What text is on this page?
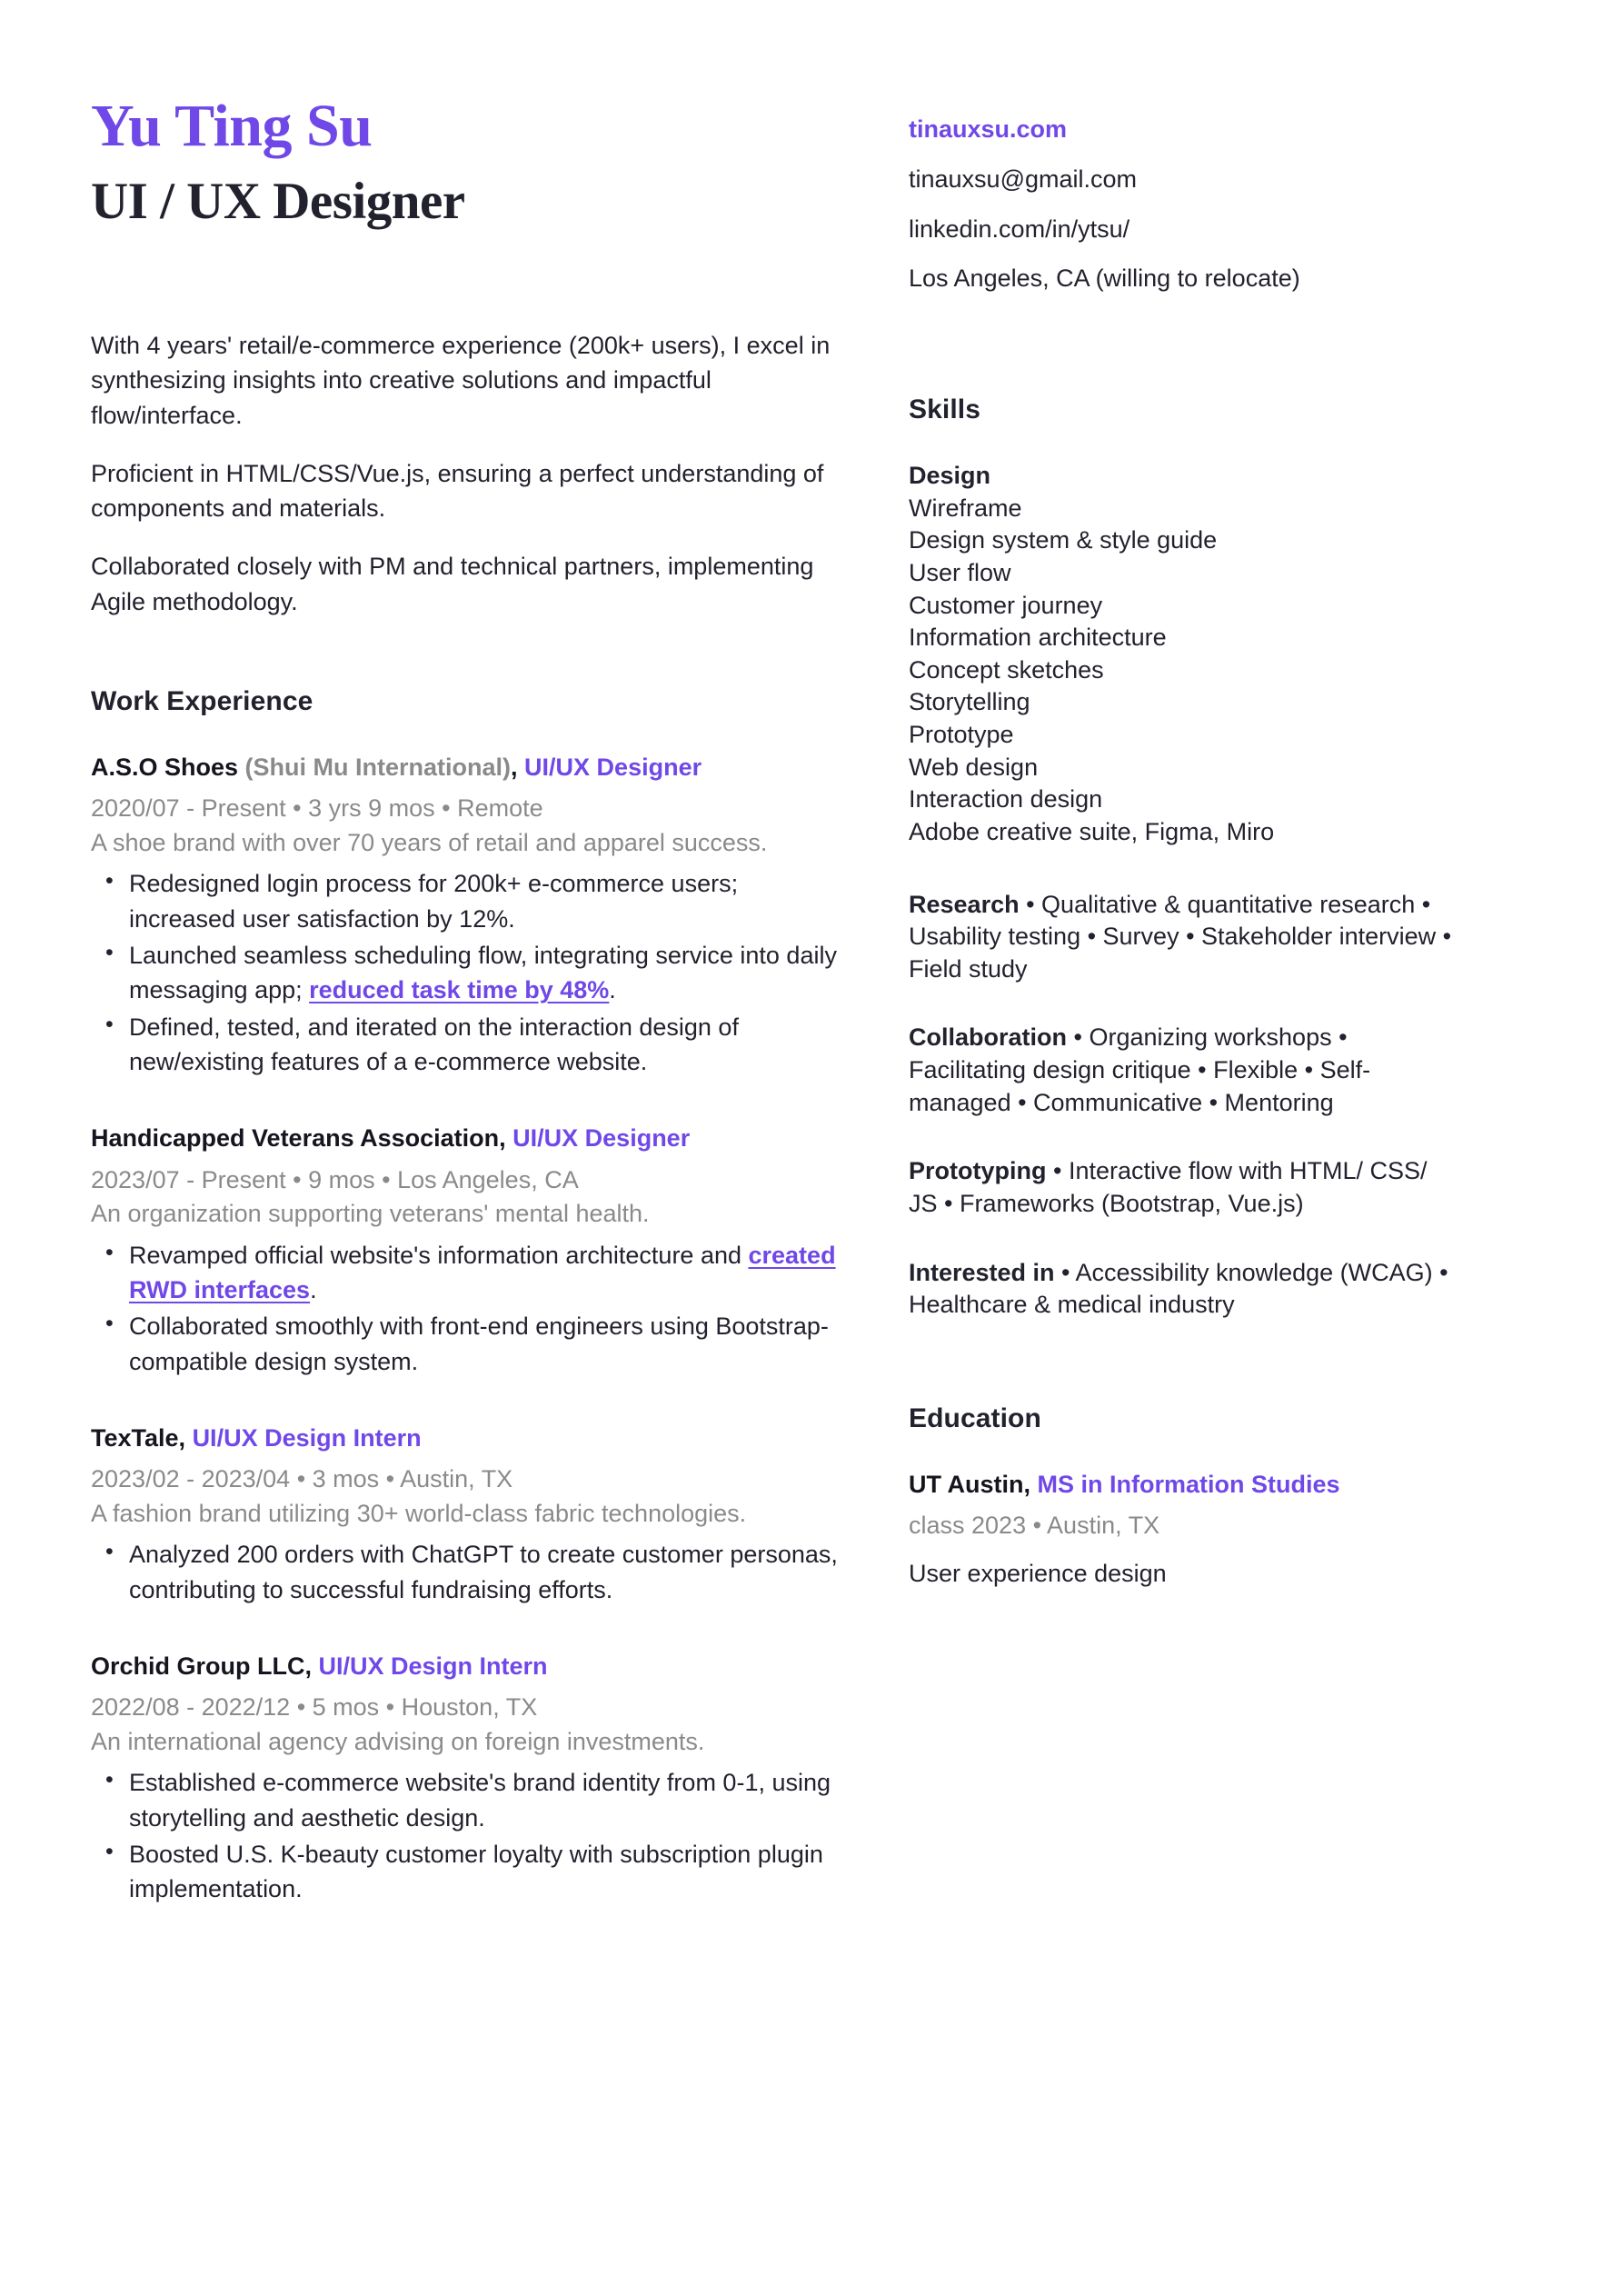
Yu Ting Su
UI / UX Designer

With 4 years' retail/e-commerce experience (200k+ users), I excel in synthesizing insights into creative solutions and impactful flow/interface.

Proficient in HTML/CSS/Vue.js, ensuring a perfect understanding of components and materials.

Collaborated closely with PM and technical partners, implementing Agile methodology.

Work Experience

A.S.O Shoes (Shui Mu International), UI/UX Designer

2020/07 - Present • 3 yrs 9 mos • Remote

A shoe brand with over 70 years of retail and apparel success.

• Redesigned login process for 200k+ e-commerce users; increased user satisfaction by 12%.
• Launched seamless scheduling flow, integrating service into daily messaging app; reduced task time by 48%.
• Defined, tested, and iterated on the interaction design of new/existing features of a e-commerce website.

Handicapped Veterans Association, UI/UX Designer

2023/07 - Present • 9 mos • Los Angeles, CA

An organization supporting veterans' mental health.

• Revamped official website's information architecture and created RWD interfaces.
• Collaborated smoothly with front-end engineers using Bootstrap-compatible design system.

TexTale, UI/UX Design Intern

2023/02 - 2023/04 • 3 mos • Austin, TX

A fashion brand utilizing 30+ world-class fabric technologies.

• Analyzed 200 orders with ChatGPT to create customer personas, contributing to successful fundraising efforts.

Orchid Group LLC, UI/UX Design Intern

2022/08 - 2022/12 • 5 mos • Houston, TX

An international agency advising on foreign investments.

• Established e-commerce website's brand identity from 0-1, using storytelling and aesthetic design.
• Boosted U.S. K-beauty customer loyalty with subscription plugin implementation.
tinauxsu.com
tinauxsu@gmail.com
linkedin.com/in/ytsu/
Los Angeles, CA (willing to relocate)
Skills
Design
Wireframe
Design system & style guide
User flow
Customer journey
Information architecture
Concept sketches
Storytelling
Prototype
Web design
Interaction design
Adobe creative suite, Figma, Miro

Research • Qualitative & quantitative research • Usability testing • Survey • Stakeholder interview • Field study

Collaboration • Organizing workshops • Facilitating design critique • Flexible • Self-managed • Communicative • Mentoring

Prototyping • Interactive flow with HTML/ CSS/ JS • Frameworks (Bootstrap, Vue.js)

Interested in • Accessibility knowledge (WCAG) • Healthcare & medical industry

Education

UT Austin, MS in Information Studies

class 2023 • Austin, TX

User experience design
